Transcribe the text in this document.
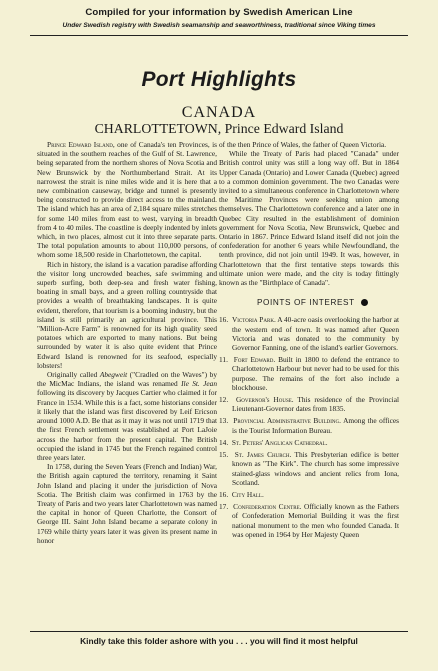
Compiled for your information by Swedish American Line
Under Swedish registry with Swedish seamanship and seaworthiness, traditional since Viking times
Port Highlights
CANADA
CHARLOTTETOWN, Prince Edward Island

Prince Edward Island, one of Canada's ten Provinces, is situated in the southern reaches of the Gulf of St. Lawrence, being separated from the northern shores of Nova Scotia and New Brunswick by the Northumberland Strait. At its narrowest the strait is nine miles wide and it is here that a new combination causeway, bridge and tunnel is presently being constructed to provide direct access to the mainland. The island which has an area of 2,184 square miles stretches for some 140 miles from east to west, varying in breadth from 4 to 40 miles. The coastline is deeply indented by inlets which, in two places, almost cut it into three separate parts. The total population amounts to about 110,000 persons, of whom some 18,500 reside in Charlottetown, the capital.

Rich in history, the island is a vacation paradise affording the visitor long uncrowded beaches, safe swimming and superb surfing, both deep-sea and fresh water fishing, boating in small bays, and a green rolling countryside that provides a wealth of breathtaking landscapes. It is quite evident, therefore, that tourism is a booming industry, but the island is still primarily an agricultural province. This "Million-Acre Farm" is renowned for its high quality seed potatoes which are exported to many nations. But being surrounded by water it is also quite evident that Prince Edward Island is renowned for its seafood, especially lobsters!

Originally called Abegweit ("Cradled on the Waves") by the MicMac Indians, the island was renamed Ile St. Jean following its discovery by Jacques Cartier who claimed it for France in 1534. While this is a fact, some historians consider it likely that the island was first discovered by Leif Ericson around 1000 A.D. Be that as it may it was not until 1719 that the first French settlement was established at Port LaJoie across the harbor from the present capital. The British occupied the island in 1745 but the French regained control three years later.

In 1758, during the Seven Years (French and Indian) War, the British again captured the territory, renaming it Saint John Island and placing it under the jurisdiction of Nova Scotia. The British claim was confirmed in 1763 by the Treaty of Paris and two years later Charlottetown was named the capital in honor of Queen Charlotte, the Consort of George III. Saint John Island became a separate colony in 1769 while thirty years later it was given its present name in honor

of the then Prince of Wales, the father of Queen Victoria.

While the Treaty of Paris had placed "Canada" under British control unity was still a long way off. But in 1864 Upper Canada (Ontario) and Lower Canada (Quebec) agreed to a common dominion government. The two Canadas were invited to a simultaneous conference in Charlottetown where the Maritime Provinces were seeking union among themselves. The Charlottetown conference and a later one in Quebec City resulted in the establishment of dominion government for Nova Scotia, New Brunswick, Quebec and Ontario in 1867. Prince Edward Island itself did not join the confederation for another 6 years while Newfoundland, the tenth province, did not join until 1949. It was, however, in Charlottetown that the first tentative steps towards this ultimate union were made, and the city is today fittingly known as the "Birthplace of Canada".

POINTS OF INTEREST

16. Victoria Park. A 40-acre oasis overlooking the harbor at the western end of town. It was named after Queen Victoria and was donated to the community by Governor Fanning, one of the island's earlier Governors.

11. Fort Edward. Built in 1800 to defend the entrance to Charlottetown Harbour but never had to be used for this purpose. The remains of the fort also include a blockhouse.

12. Governor's House. This residence of the Provincial Lieutenant-Governor dates from 1835.

13. Provincial Administrative Building. Among the offices is the Tourist Information Bureau.

14. St. Peters' Anglican Cathedral.

15. St. James Church. This Presbyterian edifice is better known as "The Kirk". The church has some impressive stained-glass windows and ancient relics from Iona, Scotland.

16. City Hall.

17. Confederation Centre. Officially known as the Fathers of Confederation Memorial Building it was the first national monument to the men who founded Canada. It was opened in 1964 by Her Majesty Queen

Kindly take this folder ashore with you . . . you will find it most helpful
